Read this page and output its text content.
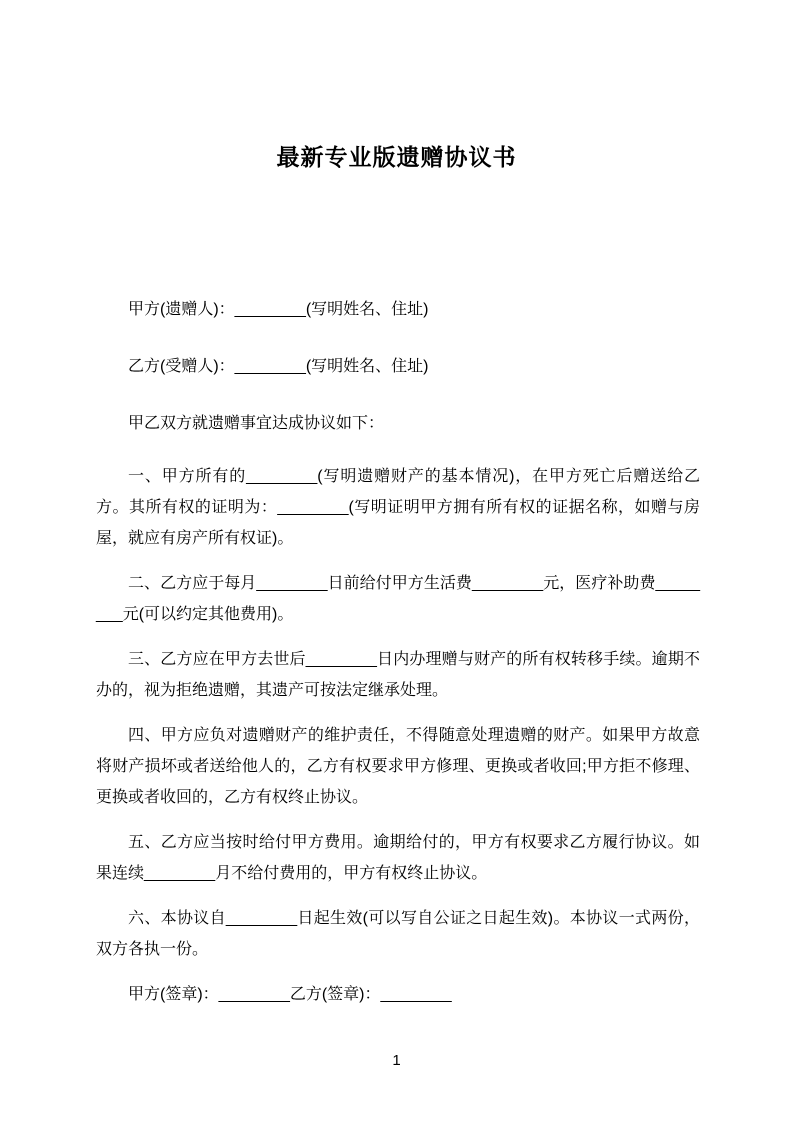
最新专业版遗赠协议书

甲方(遗赠人)：________(写明姓名、住址)

乙方(受赠人)：________(写明姓名、住址)

甲乙双方就遗赠事宜达成协议如下：

一、甲方所有的________(写明遗赠财产的基本情况)，在甲方死亡后赠送给乙方。其所有权的证明为：________(写明证明甲方拥有所有权的证据名称，如赠与房屋，就应有房产所有权证)。

二、乙方应于每月________日前给付甲方生活费________元，医疗补助费________元(可以约定其他费用)。

三、乙方应在甲方去世后________日内办理赠与财产的所有权转移手续。逾期不办的，视为拒绝遗赠，其遗产可按法定继承处理。

四、甲方应负对遗赠财产的维护责任，不得随意处理遗赠的财产。如果甲方故意将财产损坏或者送给他人的，乙方有权要求甲方修理、更换或者收回;甲方拒不修理、更换或者收回的，乙方有权终止协议。

五、乙方应当按时给付甲方费用。逾期给付的，甲方有权要求乙方履行协议。如果连续________月不给付费用的，甲方有权终止协议。

六、本协议自________日起生效(可以写自公证之日起生效)。本协议一式两份，双方各执一份。

甲方(签章)：________乙方(签章)：________

1
